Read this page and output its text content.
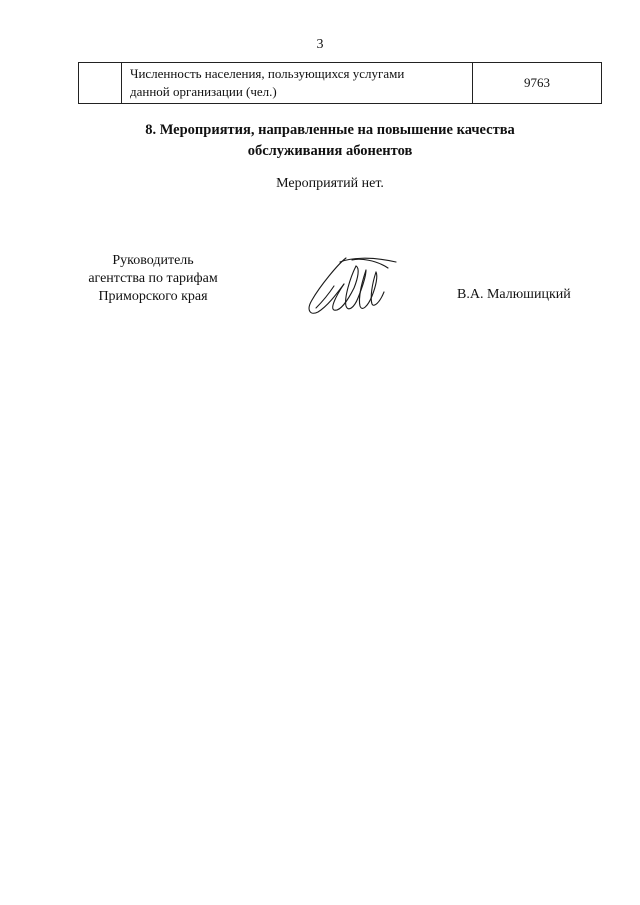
3

Численность населения, пользующихся услугами
данной организации (чел.)
	9763
8. Мероприятия, направленные на повышение качества
обслуживания абонентов
Мероприятий нет.
Руководитель
агентства по тарифам
Приморского края	В.А. Малюшицкий
